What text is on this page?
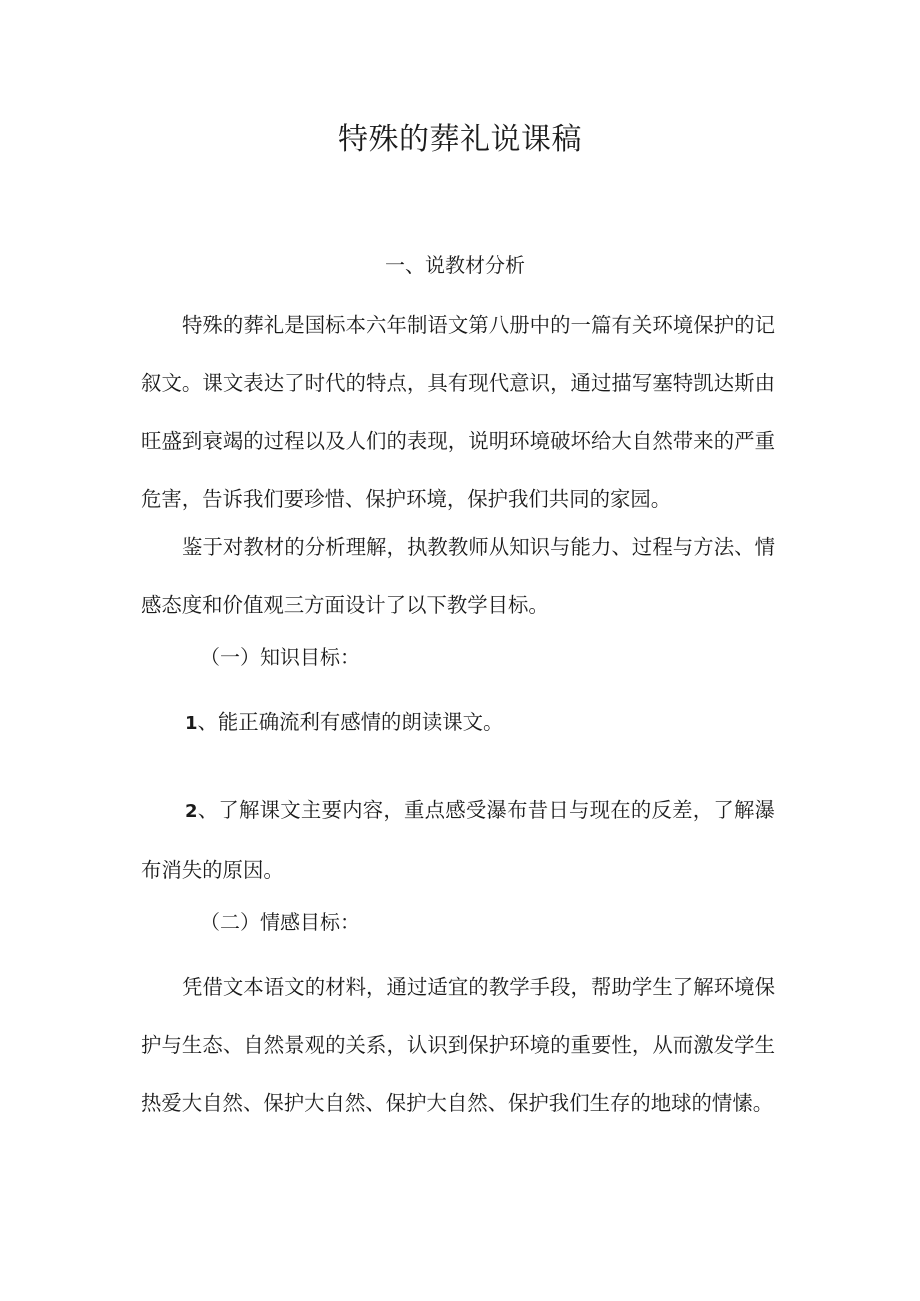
特殊的葬礼说课稿
一、说教材分析

特殊的葬礼是国标本六年制语文第八册中的一篇有关环境保护的记叙文。课文表达了时代的特点，具有现代意识，通过描写塞特凯达斯由旺盛到衰竭的过程以及人们的表现，说明环境破坏给大自然带来的严重危害，告诉我们要珍惜、保护环境，保护我们共同的家园。

鉴于对教材的分析理解，执教教师从知识与能力、过程与方法、情感态度和价值观三方面设计了以下教学目标。

（一）知识目标：

1、能正确流利有感情的朗读课文。

2、了解课文主要内容，重点感受瀑布昔日与现在的反差，了解瀑布消失的原因。

（二）情感目标：

凭借文本语文的材料，通过适宜的教学手段，帮助学生了解环境保护与生态、自然景观的关系，认识到保护环境的重要性，从而激发学生热爱大自然、保护大自然、保护大自然、保护我们生存的地球的情愫。
